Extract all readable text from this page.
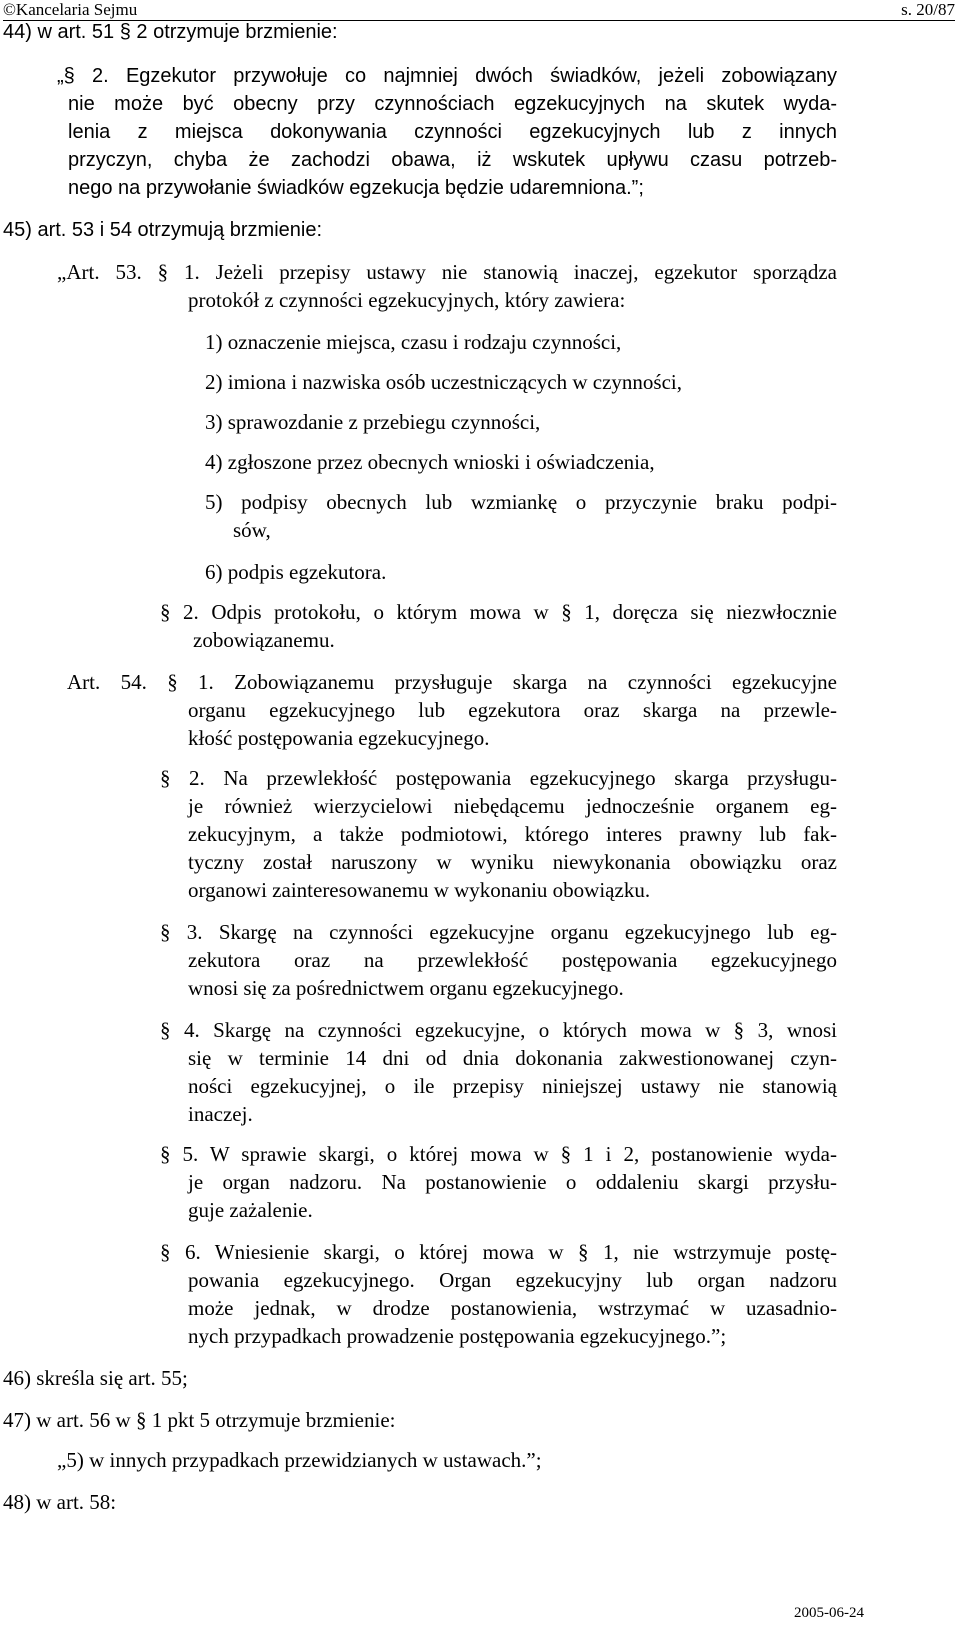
©Kancelaria Sejmu	s. 20/87
44) w art. 51 § 2 otrzymuje brzmienie:
„§ 2. Egzekutor przywołuje co najmniej dwóch świadków, jeżeli zobowiązany
nie może być obecny przy czynnościach egzekucyjnych na skutek wyda-
lenia z miejsca dokonywania czynności egzekucyjnych lub z innych
przyczyn, chyba że zachodzi obawa, iż wskutek upływu czasu potrzeb-
nego na przywołanie świadków egzekucja będzie udaremniona.”;
45) art. 53 i 54 otrzymują brzmienie:
„Art. 53. § 1. Jeżeli przepisy ustawy nie stanowią inaczej, egzekutor sporządza
protokół z czynności egzekucyjnych, który zawiera:
1) oznaczenie miejsca, czasu i rodzaju czynności,
2) imiona i nazwiska osób uczestniczących w czynności,
3) sprawozdanie z przebiegu czynności,
4) zgłoszone przez obecnych wnioski i oświadczenia,
5) podpisy obecnych lub wzmiankę o przyczynie braku podpi-
sów,
6) podpis egzekutora.
§ 2. Odpis protokołu, o którym mowa w § 1, doręcza się niezwłocznie
zobowiązanemu.
Art. 54. § 1. Zobowiązanemu przysługuje skarga na czynności egzekucyjne
organu egzekucyjnego lub egzekutora oraz skarga na przewle-
kłość postępowania egzekucyjnego.
§ 2. Na przewlekłość postępowania egzekucyjnego skarga przysługu-
je również wierzycielowi niebędącemu jednocześnie organem eg-
zekucyjnym, a także podmiotowi, którego interes prawny lub fak-
tyczny został naruszony w wyniku niewykonania obowiązku oraz
organowi zainteresowanemu w wykonaniu obowiązku.
§ 3. Skargę na czynności egzekucyjne organu egzekucyjnego lub eg-
zekutora oraz na przewlekłość postępowania egzekucyjnego
wnosi się za pośrednictwem organu egzekucyjnego.
§ 4. Skargę na czynności egzekucyjne, o których mowa w § 3, wnosi
się w terminie 14 dni od dnia dokonania zakwestionowanej czyn-
ności egzekucyjnej, o ile przepisy niniejszej ustawy nie stanowią
inaczej.
§ 5. W sprawie skargi, o której mowa w § 1 i 2, postanowienie wyda-
je organ nadzoru. Na postanowienie o oddaleniu skargi przysłu-
guje zażalenie.
§ 6. Wniesienie skargi, o której mowa w § 1, nie wstrzymuje postę-
powania egzekucyjnego. Organ egzekucyjny lub organ nadzoru
może jednak, w drodze postanowienia, wstrzymać w uzasadnio-
nych przypadkach prowadzenie postępowania egzekucyjnego.”;
46) skreśla się art. 55;
47) w art. 56 w § 1 pkt 5 otrzymuje brzmienie:
„5) w innych przypadkach przewidzianych w ustawach.”;
48) w art. 58:
2005-06-24
